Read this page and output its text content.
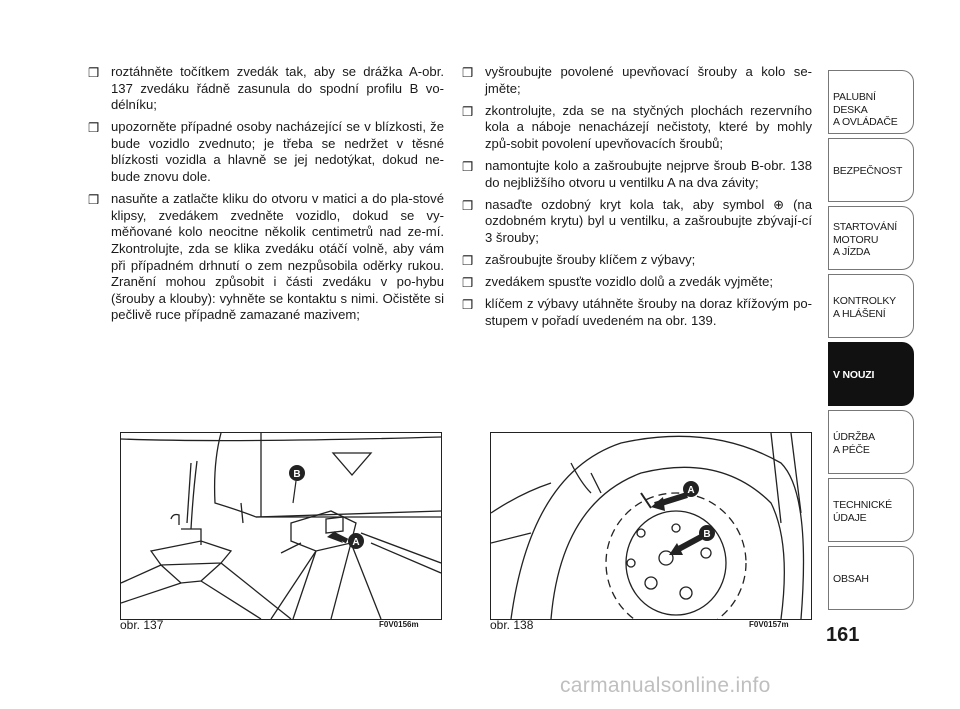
❒ roztáhněte točítkem zvedák tak, aby se drážka A-obr. 137 zvedáku řádně zasunula do spodní profilu B vo-délníku;
❒ upozorněte případné osoby nacházející se v blízkosti, že bude vozidlo zvednuto; je třeba se nedržet v těsné blízkosti vozidla a hlavně se jej nedotýkat, dokud ne-bude znovu dole.
❒ nasuňte a zatlačte kliku do otvoru v matici a do pla-stové klipsy, zvedákem zvedněte vozidlo, dokud se vy-měňované kolo neocitne několik centimetrů nad ze-mí. Zkontrolujte, zda se klika zvedáku otáčí volně, aby vám při případném drhnutí o zem nezpůsobila oděrky rukou. Zranění mohou způsobit i části zvedáku v po-hybu (šrouby a klouby): vyhněte se kontaktu s nimi. Očistěte si pečlivě ruce případně zamazané mazivem;
❒ vyšroubujte povolené upevňovací šrouby a kolo se-jměte;
❒ zkontrolujte, zda se na styčných plochách rezervního kola a náboje nenacházejí nečistoty, které by mohly způ-sobit povolení upevňovacích šroubů;
❒ namontujte kolo a zašroubujte nejprve šroub B-obr. 138 do nejbližšího otvoru u ventilku A na dva závity;
❒ nasaďte ozdobný kryt kola tak, aby symbol ⊕ (na ozdobném krytu) byl u ventilku, a zašroubujte zbývají-cí 3 šrouby;
❒ zašroubujte šrouby klíčem z výbavy;
❒ zvedákem spusťte vozidlo dolů a zvedák vyjměte;
❒ klíčem z výbavy utáhněte šrouby na doraz křížovým po-stupem v pořadí uvedeném na obr. 139.
B
A
obr. 137	F0V0156m
A
B
obr. 138	F0V0157m
PALUBNÍ DESKA
A OVLÁDAČE
BEZPEČNOST
STARTOVÁNÍ
MOTORU
A JÍZDA
KONTROLKY
A HLÁŠENÍ
V NOUZI
ÚDRŽBA
A PÉČE
TECHNICKÉ
ÚDAJE
OBSAH
161
carmanualsonline.info
